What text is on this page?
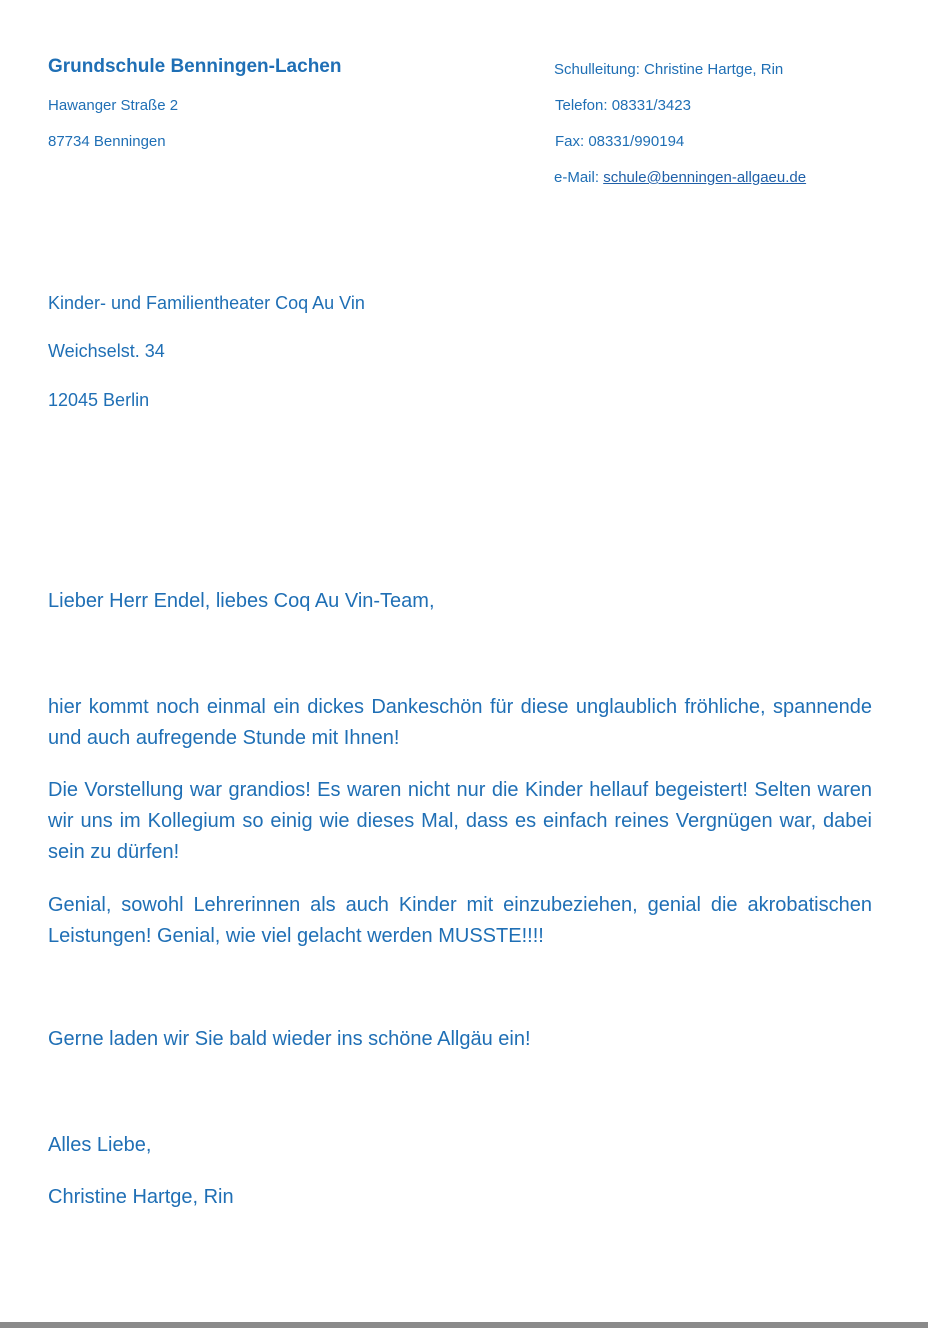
Grundschule Benningen-Lachen
Hawanger Straße 2
87734 Benningen
Schulleitung: Christine Hartge, Rin
Telefon: 08331/3423
Fax: 08331/990194
e-Mail: schule@benningen-allgaeu.de
Kinder- und Familientheater Coq Au Vin
Weichselst. 34
12045 Berlin
Lieber Herr Endel, liebes Coq Au Vin-Team,
hier kommt noch einmal ein dickes Dankeschön für diese unglaublich fröhliche, spannende und auch aufregende Stunde mit Ihnen!
Die Vorstellung war grandios! Es waren nicht nur die Kinder hellauf begeistert! Selten waren wir uns im Kollegium so einig wie dieses Mal, dass es einfach reines Vergnügen war, dabei sein zu dürfen!
Genial, sowohl Lehrerinnen als auch Kinder mit einzubeziehen, genial die akrobatischen Leistungen! Genial, wie viel gelacht werden MUSSTE!!!!
Gerne laden wir Sie bald wieder ins schöne Allgäu ein!
Alles Liebe,
Christine Hartge, Rin
